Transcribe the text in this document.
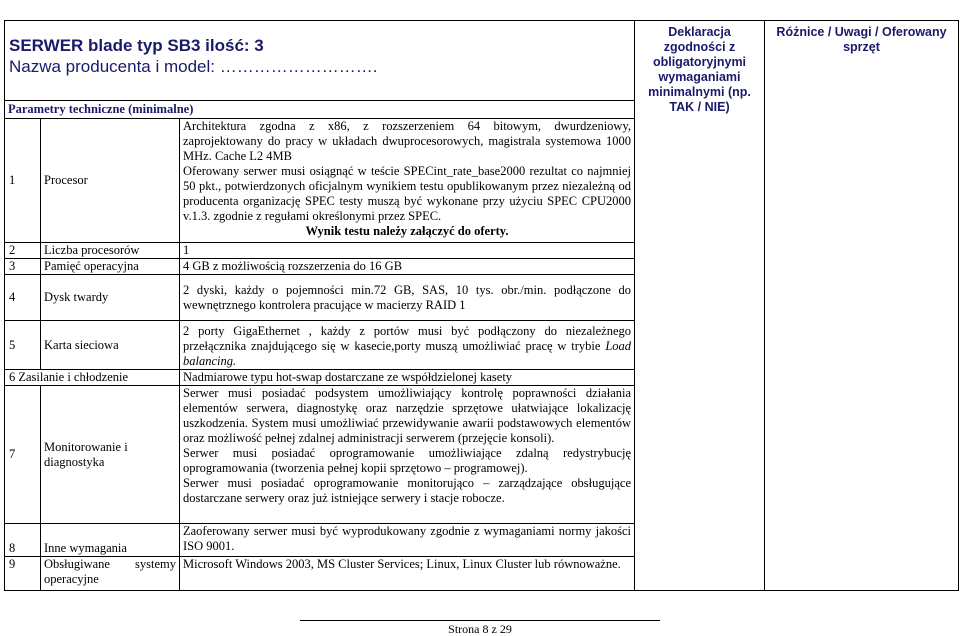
SERWER blade typ SB3 ilość: 3
Nazwa producenta i model: ……………………….			Deklaracja zgodności z obligatoryjnymi wymaganiami minimalnymi (np. TAK / NIE)	Różnice / Uwagi / Oferowany sprzęt

Parametry techniczne (minimalne)				
1	Procesor	Architektura zgodna z x86, z rozszerzeniem 64 bitowym, dwurdzeniowy, zaprojektowany do pracy w układach dwuprocesorowych, magistrala systemowa 1000 MHz. Cache L2 4MB
Oferowany serwer musi osiągnąć w teście SPECint_rate_base2000 rezultat co najmniej 50 pkt., potwierdzonych oficjalnym wynikiem testu opublikowanym przez niezależną od producenta organizację SPEC testy muszą być wykonane przy użyciu SPEC CPU2000 v.1.3. zgodnie z regułami określonymi przez SPEC.
Wynik testu należy załączyć do oferty.		

2	Liczba procesorów	1		
3	Pamięć operacyjna	4 GB z możliwością rozszerzenia do 16 GB		
4	Dysk twardy	2 dyski, każdy o pojemności min.72 GB, SAS, 10 tys. obr./min. podłączone do wewnętrznego kontrolera pracujące w macierzy RAID 1		
5	Karta sieciowa	2 porty GigaEthernet , każdy z portów musi być podłączony do niezależnego przełącznika znajdującego się w kasecie,porty muszą umożliwiać pracę w trybie Load balancing.		
6 Zasilanie i chłodzenie		Nadmiarowe typu hot-swap dostarczane ze współdzielonej kasety		
7	Monitorowanie i diagnostyka	Serwer musi posiadać podsystem umożliwiający kontrolę poprawności działania elementów serwera, diagnostykę oraz narzędzie sprzętowe ułatwiające lokalizację uszkodzenia. System musi umożliwiać przewidywanie awarii podstawowych elementów oraz możliwość pełnej zdalnej administracji serwerem (przejęcie konsoli).
Serwer musi posiadać oprogramowanie umożliwiające zdalną redystrybucję oprogramowania (tworzenia pełnej kopii sprzętowo – programowej).
Serwer musi posiadać oprogramowanie monitorująco – zarządzające obsługujące dostarczane serwery oraz już istniejące serwery i stacje robocze.		

8	Inne wymagania	Zaoferowany serwer musi być wyprodukowany zgodnie z wymaganiami normy jakości ISO 9001.		
9	Obsługiwane systemy operacyjne	Microsoft Windows 2003, MS Cluster Services; Linux, Linux Cluster lub równoważne.		
Strona 8 z 29
